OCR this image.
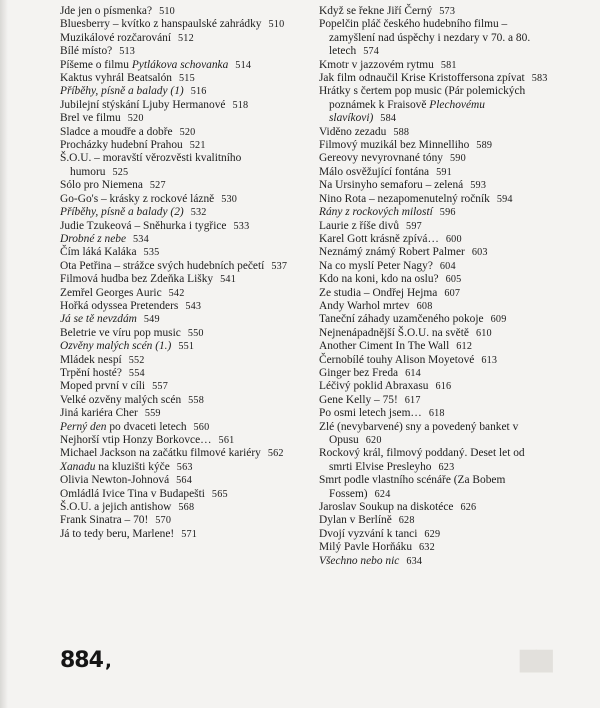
Jde jen o písmenka? 510

Bluesberry – kvítko z hanspaulské zahrádky 510

Muzikálové rozčarování 512

Bílé místo? 513

Píšeme o filmu Pytlákova schovanka 514

Kaktus vyhrál Beatsalón 515

Příběhy, písně a balady (1) 516

Jubilejní stýskání Ljuby Hermanové 518

Brel ve filmu 520

Sladce a moudře a dobře 520

Procházky hudební Prahou 521

Š.O.U. – moravští věrozvěsti kvalitního humoru 525

Sólo pro Niemena 527

Go-Go's – krásky z rockové lázně 530

Příběhy, písně a balady (2) 532

Judie Tzukeová – Sněhurka i tygřice 533

Drobné z nebe 534

Čím láká Kaláka 535

Ota Petřina – strážce svých hudebních pečetí 537

Filmová hudba bez Zdeňka Lišky 541

Zemřel Georges Auric 542

Hořká odyssea Pretenders 543

Já se tě nevzdám 549

Beletrie ve víru pop music 550

Ozvěny malých scén (1.) 551

Mládek nespí 552

Trpění hosté? 554

Moped první v cíli 557

Velké ozvěny malých scén 558

Jiná kariéra Cher 559

Perný den po dvaceti letech 560

Nejhorší vtip Honzy Borkovce… 561

Michael Jackson na začátku filmové kariéry 562

Xanadu na kluzišti kýče 563

Olivia Newton-Johnová 564

Omládlá Ivice Tina v Budapešti 565

Š.O.U. a jejich antishow 568

Frank Sinatra – 70! 570

Já to tedy beru, Marlene! 571

Když se řekne Jiří Černý 573

Popelčin pláč českého hudebního filmu – zamyšlení nad úspěchy i nezdary v 70. a 80. letech 574

Kmotr v jazzovém rytmu 581

Jak film odnaučil Krise Kristoffersona zpívat 583

Hrátky s čertem pop music (Pár polemických poznámek k Fraisově Plechovému slavíkovi) 584

Viděno zezadu 588

Filmový muzikál bez Minnelliho 589

Gereovy nevyrovnané tóny 590

Málo osvěžující fontána 591

Na Ursinyho semaforu – zelená 593

Nino Rota – nezapomenutelný ročník 594

Rány z rockových milostí 596

Laurie z říše divů 597

Karel Gott krásně zpívá… 600

Neznámý známý Robert Palmer 603

Na co myslí Peter Nagy? 604

Kdo na koni, kdo na oslu? 605

Ze studia – Ondřej Hejma 607

Andy Warhol mrtev 608

Taneční záhady uzamčeného pokoje 609

Nejnenápadnější Š.O.U. na světě 610

Another Ciment In The Wall 612

Černobílé touhy Alison Moyetové 613

Ginger bez Freda 614

Léčivý poklid Abraxasu 616

Gene Kelly – 75! 617

Po osmi letech jsem… 618

Zlé (nevybarvené) sny a povedený banket v Opusu 620

Rockový král, filmový poddaný. Deset let od smrti Elvise Presleyho 623

Smrt podle vlastního scénáře (Za Bobem Fossem) 624

Jaroslav Soukup na diskotéce 626

Dylan v Berlíně 628

Dvojí vyzvání k tanci 629

Milý Pavle Horňáku 632

Všechno nebo nic 634

884 ,	▇▇
